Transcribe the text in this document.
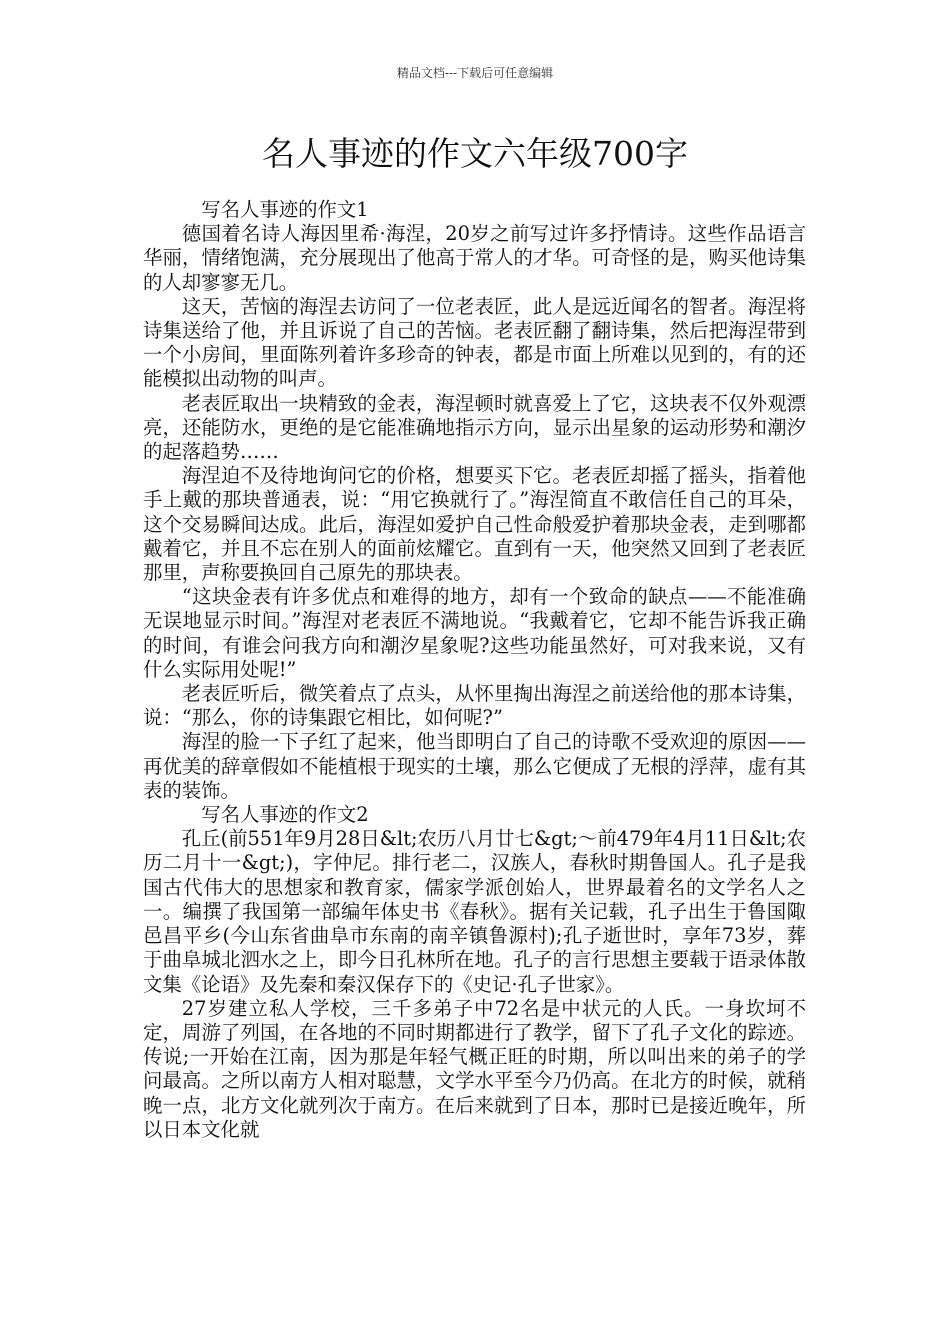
精品文档---下载后可任意编辑
名人事迹的作文六年级700字

写名人事迹的作文1

德国着名诗人海因里希·海涅，20岁之前写过许多抒情诗。这些作品语言华丽，情绪饱满，充分展现出了他高于常人的才华。可奇怪的是，购买他诗集的人却寥寥无几。

这天，苦恼的海涅去访问了一位老表匠，此人是远近闻名的智者。海涅将诗集送给了他，并且诉说了自己的苦恼。老表匠翻了翻诗集，然后把海涅带到一个小房间，里面陈列着许多珍奇的钟表，都是市面上所难以见到的，有的还能模拟出动物的叫声。

老表匠取出一块精致的金表，海涅顿时就喜爱上了它，这块表不仅外观漂亮，还能防水，更绝的是它能准确地指示方向，显示出星象的运动形势和潮汐的起落趋势……

海涅迫不及待地询问它的价格，想要买下它。老表匠却摇了摇头，指着他手上戴的那块普通表，说：“用它换就行了。”海涅简直不敢信任自己的耳朵，这个交易瞬间达成。此后，海涅如爱护自己性命般爱护着那块金表，走到哪都戴着它，并且不忘在别人的面前炫耀它。直到有一天，他突然又回到了老表匠那里，声称要换回自己原先的那块表。

“这块金表有许多优点和难得的地方，却有一个致命的缺点——不能准确无误地显示时间。”海涅对老表匠不满地说。“我戴着它，它却不能告诉我正确的时间，有谁会问我方向和潮汐星象呢?这些功能虽然好，可对我来说，又有什么实际用处呢!”

老表匠听后，微笑着点了点头，从怀里掏出海涅之前送给他的那本诗集，说：“那么，你的诗集跟它相比，如何呢?”

海涅的脸一下子红了起来，他当即明白了自己的诗歌不受欢迎的原因——再优美的辞章假如不能植根于现实的土壤，那么它便成了无根的浮萍，虚有其表的装饰。

写名人事迹的作文2

孔丘(前551年9月28日&lt;农历八月廿七&gt;～前479年4月11日&lt;农历二月十一&gt;)，字仲尼。排行老二，汉族人，春秋时期鲁国人。孔子是我国古代伟大的思想家和教育家，儒家学派创始人，世界最着名的文学名人之一。编撰了我国第一部编年体史书《春秋》。据有关记载，孔子出生于鲁国陬邑昌平乡(今山东省曲阜市东南的南辛镇鲁源村);孔子逝世时，享年73岁，葬于曲阜城北泗水之上，即今日孔林所在地。孔子的言行思想主要载于语录体散文集《论语》及先秦和秦汉保存下的《史记·孔子世家》。

27岁建立私人学校，三千多弟子中72名是中状元的人氏。一身坎坷不定，周游了列国，在各地的不同时期都进行了教学，留下了孔子文化的踪迹。传说;一开始在江南，因为那是年轻气概正旺的时期，所以叫出来的弟子的学问最高。之所以南方人相对聪慧，文学水平至今乃仍高。在北方的时候，就稍晚一点，北方文化就列次于南方。在后来就到了日本，那时已是接近晚年，所以日本文化就
